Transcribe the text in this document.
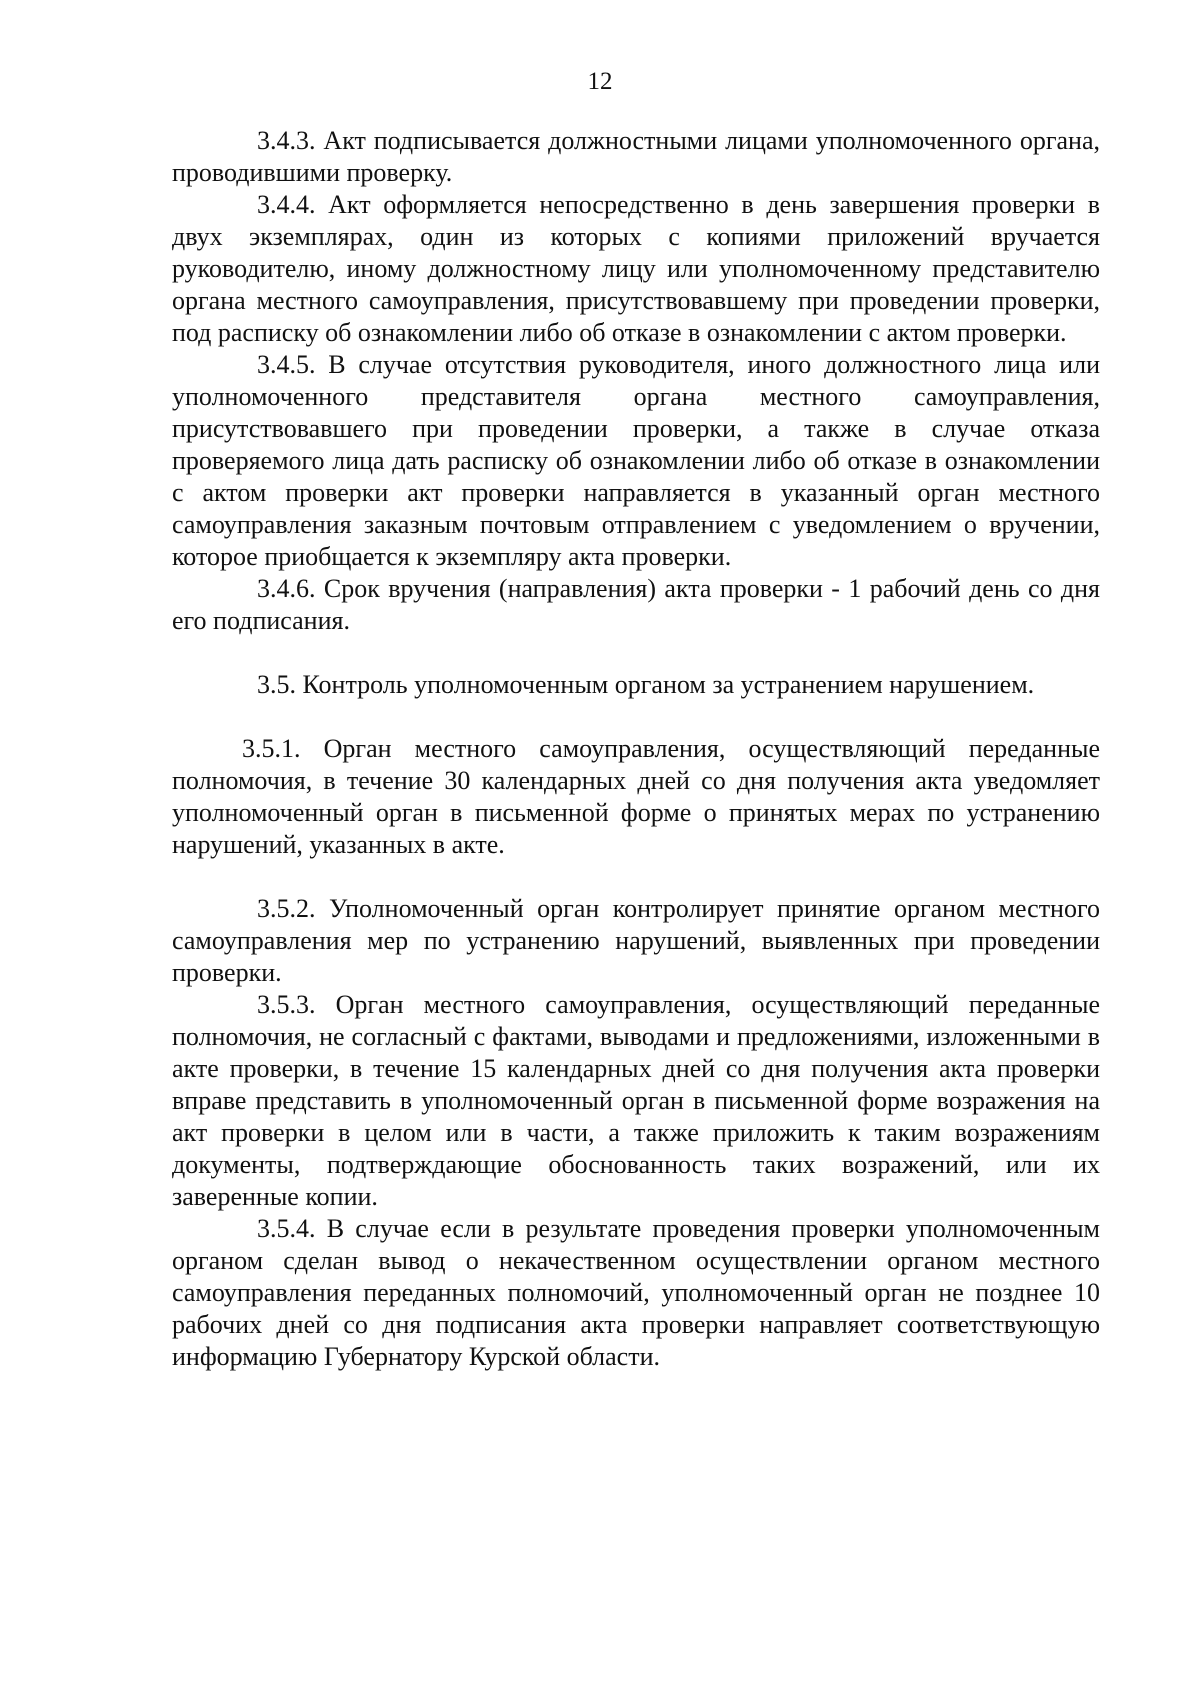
12

3.4.3. Акт подписывается должностными лицами уполномоченного органа, проводившими проверку.

3.4.4. Акт оформляется непосредственно в день завершения проверки в двух экземплярах, один из которых с копиями приложений вручается руководителю, иному должностному лицу или уполномоченному представителю органа местного самоуправления, присутствовавшему при проведении проверки, под расписку об ознакомлении либо об отказе в ознакомлении с актом проверки.

3.4.5. В случае отсутствия руководителя, иного должностного лица или уполномоченного представителя органа местного самоуправления, присутствовавшего при проведении проверки, а также в случае отказа проверяемого лица дать расписку об ознакомлении либо об отказе в ознакомлении с актом проверки акт проверки направляется в указанный орган местного самоуправления заказным почтовым отправлением с уведомлением о вручении, которое приобщается к экземпляру акта проверки.

3.4.6. Срок вручения (направления) акта проверки - 1 рабочий день со дня его подписания.

3.5. Контроль уполномоченным органом за устранением нарушением.

3.5.1. Орган местного самоуправления, осуществляющий переданные полномочия, в течение 30 календарных дней со дня получения акта уведомляет уполномоченный орган в письменной форме о принятых мерах по устранению нарушений, указанных в акте.

3.5.2. Уполномоченный орган контролирует принятие органом местного самоуправления мер по устранению нарушений, выявленных при проведении проверки.

3.5.3. Орган местного самоуправления, осуществляющий переданные полномочия, не согласный с фактами, выводами и предложениями, изложенными в акте проверки, в течение 15 календарных дней со дня получения акта проверки вправе представить в уполномоченный орган в письменной форме возражения на акт проверки в целом или в части, а также приложить к таким возражениям документы, подтверждающие обоснованность таких возражений, или их заверенные копии.

3.5.4. В случае если в результате проведения проверки уполномоченным органом сделан вывод о некачественном осуществлении органом местного самоуправления переданных полномочий, уполномоченный орган не позднее 10 рабочих дней со дня подписания акта проверки направляет соответствующую информацию Губернатору Курской области.
